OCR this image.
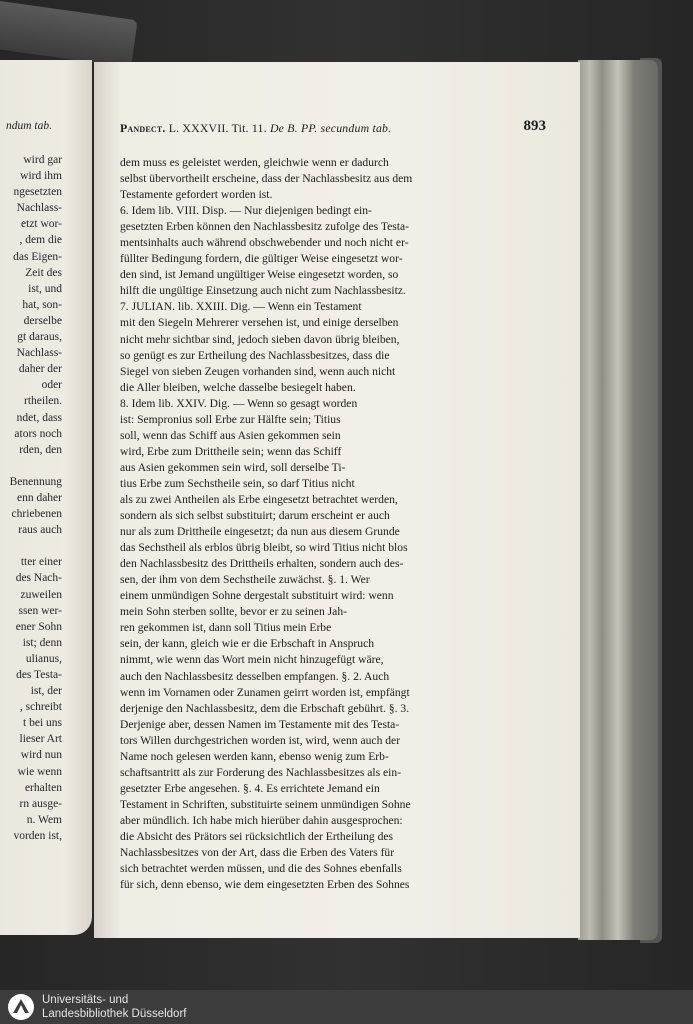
ndum tab.
wird gar
wird ihm
ngesetzten
Nachlass-
etzt wor-
, dem die
das Eigen-
Zeit des
ist, und
hat, son-
derselbe
gt daraus,
Nachlass-
daher der
oder
rtheilen.
ndet, dass
ators noch
rden, den
Benennung
enn daher
chriebenen
raus auch
tter einer
des Nach-
zuweilen
ssen wer-
ener Sohn
ist; denn
ulianus,
des Testa-
ist, der
, schreibt
t bei uns
lieser Art
wird nun
wie wenn
erhalten
rn ausge-
n. Wem
vorden ist,
Pandect. L. XXXVII. Tit. 11. De B. PP. secundum tab.	893
dem muss es geleistet werden, gleichwie wenn er dadurch
selbst übervortheilt erscheine, dass der Nachlassbesitz aus dem
Testamente gefordert worden ist.
6. Idem lib. VIII. Disp. — Nur diejenigen bedingt ein-
gesetzten Erben können den Nachlassbesitz zufolge des Testa-
mentsinhalts auch während obschwebender und noch nicht er-
füllter Bedingung fordern, die gültiger Weise eingesetzt wor-
den sind, ist Jemand ungültiger Weise eingesetzt worden, so
hilft die ungültige Einsetzung auch nicht zum Nachlassbesitz.
7. JULIAN. lib. XXIII. Dig. — Wenn ein Testament
mit den Siegeln Mehrerer versehen ist, und einige derselben
nicht mehr sichtbar sind, jedoch sieben davon übrig bleiben,
so genügt es zur Ertheilung des Nachlassbesitzes, dass die
Siegel von sieben Zeugen vorhanden sind, wenn auch nicht
die Aller bleiben, welche dasselbe besiegelt haben.
8. Idem lib. XXIV. Dig. — Wenn so gesagt worden
ist: Sempronius soll Erbe zur Hälfte sein; Titius
soll, wenn das Schiff aus Asien gekommen sein
wird, Erbe zum Drittheile sein; wenn das Schiff
aus Asien gekommen sein wird, soll derselbe Ti-
tius Erbe zum Sechstheile sein, so darf Titius nicht
als zu zwei Antheilen als Erbe eingesetzt betrachtet werden,
sondern als sich selbst substituirt; darum erscheint er auch
nur als zum Drittheile eingesetzt; da nun aus diesem Grunde
das Sechstheil als erblos übrig bleibt, so wird Titius nicht blos
den Nachlassbesitz des Drittheils erhalten, sondern auch des-
sen, der ihm von dem Sechstheile zuwächst. §. 1. Wer
einem unmündigen Sohne dergestalt substituirt wird: wenn
mein Sohn sterben sollte, bevor er zu seinen Jah-
ren gekommen ist, dann soll Titius mein Erbe
sein, der kann, gleich wie er die Erbschaft in Anspruch
nimmt, wie wenn das Wort mein nicht hinzugefügt wäre,
auch den Nachlassbesitz desselben empfangen. §. 2. Auch
wenn im Vornamen oder Zunamen geirrt worden ist, empfängt
derjenige den Nachlassbesitz, dem die Erbschaft gebührt. §. 3.
Derjenige aber, dessen Namen im Testamente mit des Testa-
tors Willen durchgestrichen worden ist, wird, wenn auch der
Name noch gelesen werden kann, ebenso wenig zum Erb-
schaftsantritt als zur Forderung des Nachlassbesitzes als ein-
gesetzter Erbe angesehen. §. 4. Es errichtete Jemand ein
Testament in Schriften, substituirte seinem unmündigen Sohne
aber mündlich. Ich habe mich hierüber dahin ausgesprochen:
die Absicht des Prätors sei rücksichtlich der Ertheilung des
Nachlassbesitzes von der Art, dass die Erben des Vaters für
sich betrachtet werden müssen, und die des Sohnes ebenfalls
für sich, denn ebenso, wie dem eingesetzten Erben des Sohnes
Universitäts- und
Landesbibliothek Düsseldorf
